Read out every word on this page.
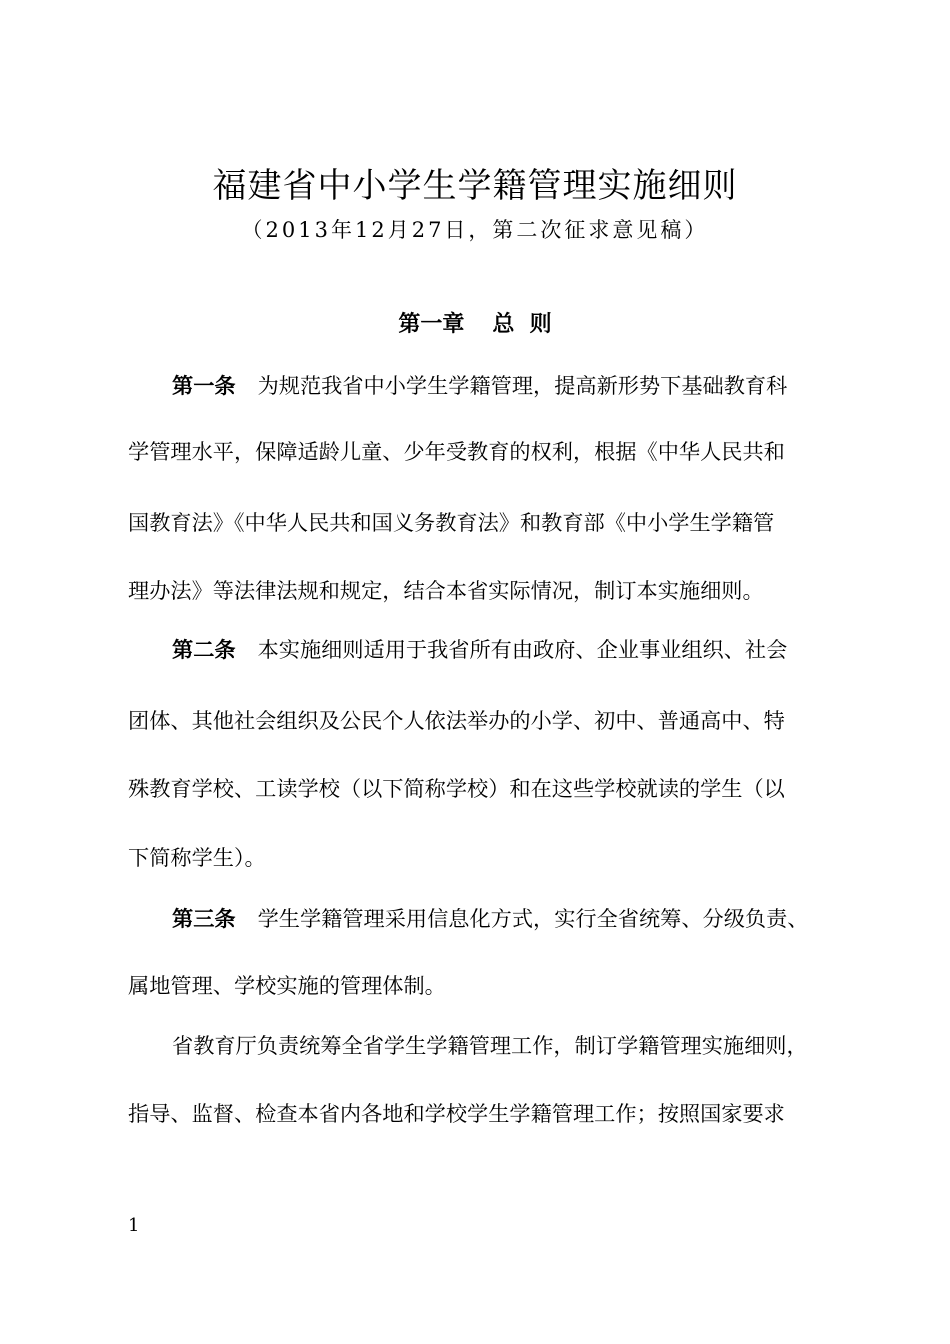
福建省中小学生学籍管理实施细则
（2013年12月27日，第二次征求意见稿）
第一章 总  则
第一条 为规范我省中小学生学籍管理，提高新形势下基础教育科
学管理水平，保障适龄儿童、少年受教育的权利，根据《中华人民共和
国教育法》《中华人民共和国义务教育法》和教育部《中小学生学籍管
理办法》等法律法规和规定，结合本省实际情况，制订本实施细则。
第二条 本实施细则适用于我省所有由政府、企业事业组织、社会
团体、其他社会组织及公民个人依法举办的小学、初中、普通高中、特
殊教育学校、工读学校（以下简称学校）和在这些学校就读的学生（以
下简称学生）。
第三条 学生学籍管理采用信息化方式，实行全省统筹、分级负责、
属地管理、学校实施的管理体制。
省教育厅负责统筹全省学生学籍管理工作，制订学籍管理实施细则，
指导、监督、检查本省内各地和学校学生学籍管理工作；按照国家要求
1
